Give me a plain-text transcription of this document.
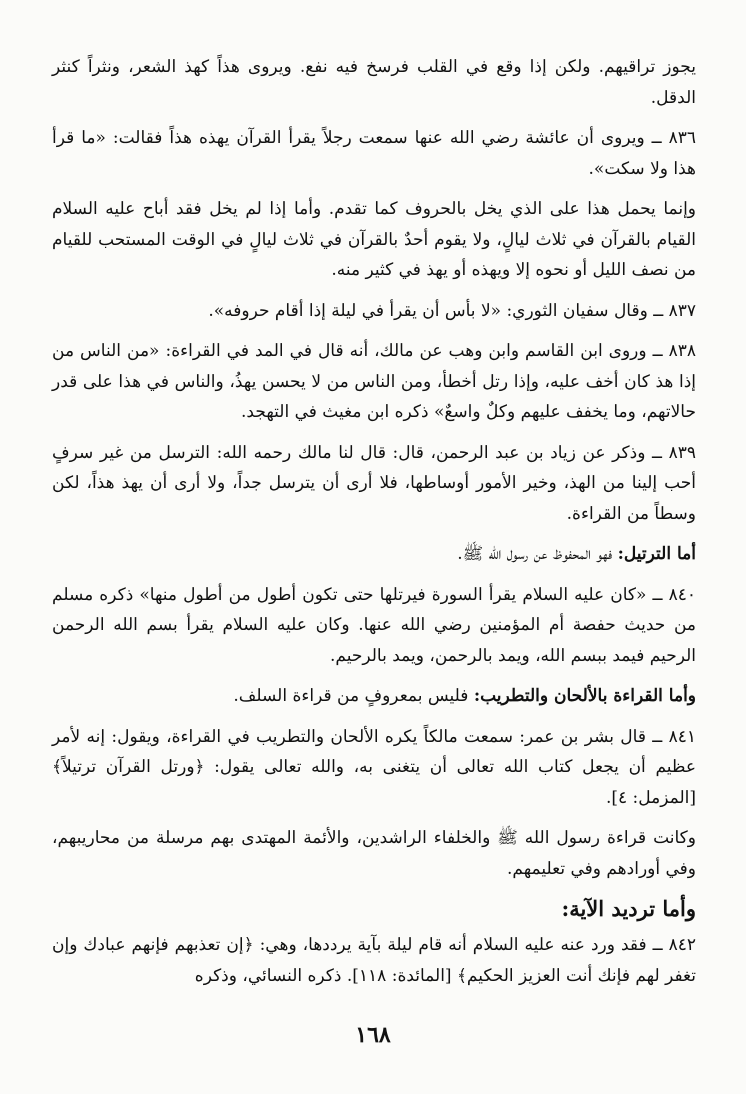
يجوز تراقيهم. ولكن إذا وقع في القلب فرسخ فيه نفع. ويروى هذاً كهذ الشعر، ونثراً كنثر الدقل.

٨٣٦ ــ ويروى أن عائشة رضي الله عنها سمعت رجلاً يقرأ القرآن يهذه هذاً فقالت: «ما قرأ هذا ولا سكت».

وإنما يحمل هذا على الذي يخل بالحروف كما تقدم. وأما إذا لم يخل فقد أباح عليه السلام القيام بالقرآن في ثلاث ليالٍ، ولا يقوم أحدٌ بالقرآن في ثلاث ليالٍ في الوقت المستحب للقيام من نصف الليل أو نحوه إلا ويهذه أو يهذ في كثير منه.

٨٣٧ ــ وقال سفيان الثوري: «لا بأس أن يقرأ في ليلة إذا أقام حروفه».

٨٣٨ ــ وروى ابن القاسم وابن وهب عن مالك، أنه قال في المد في القراءة: «من الناس من إذا هذ كان أخف عليه، وإذا رتل أخطأ، ومن الناس من لا يحسن يهذُ، والناس في هذا على قدر حالاتهم، وما يخفف عليهم وكلٌ واسعٌ» ذكره ابن مغيث في التهجد.

٨٣٩ ــ وذكر عن زياد بن عبد الرحمن، قال: قال لنا مالك رحمه الله: الترسل من غير سرفٍ أحب إلينا من الهذ، وخير الأمور أوساطها، فلا أرى أن يترسل جداً، ولا أرى أن يهذ هذاً، لكن وسطاً من القراءة.

أما الترتيل: فهو المحفوظ عن رسول الله ﷺ.

٨٤٠ ــ «كان عليه السلام يقرأ السورة فيرتلها حتى تكون أطول من أطول منها» ذكره مسلم من حديث حفصة أم المؤمنين رضي الله عنها. وكان عليه السلام يقرأ بسم الله الرحمن الرحيم فيمد ببسم الله، ويمد بالرحمن، ويمد بالرحيم.

وأما القراءة بالألحان والتطريب: فليس بمعروفٍ من قراءة السلف.

٨٤١ ــ قال بشر بن عمر: سمعت مالكاً يكره الألحان والتطريب في القراءة، ويقول: إنه لأمر عظيم أن يجعل كتاب الله تعالى أن يتغنى به، والله تعالى يقول: ﴿ورتل القرآن ترتيلاً﴾ [المزمل: ٤].

وكانت قراءة رسول الله ﷺ والخلفاء الراشدين، والأئمة المهتدى بهم مرسلة من محاريبهم، وفي أورادهم وفي تعليمهم.

وأما ترديد الآية:

٨٤٢ ــ فقد ورد عنه عليه السلام أنه قام ليلة بآية يرددها، وهي: ﴿إن تعذبهم فإنهم عبادك وإن تغفر لهم فإنك أنت العزيز الحكيم﴾ [المائدة: ١١٨]. ذكره النسائي، وذكره

١٦٨
